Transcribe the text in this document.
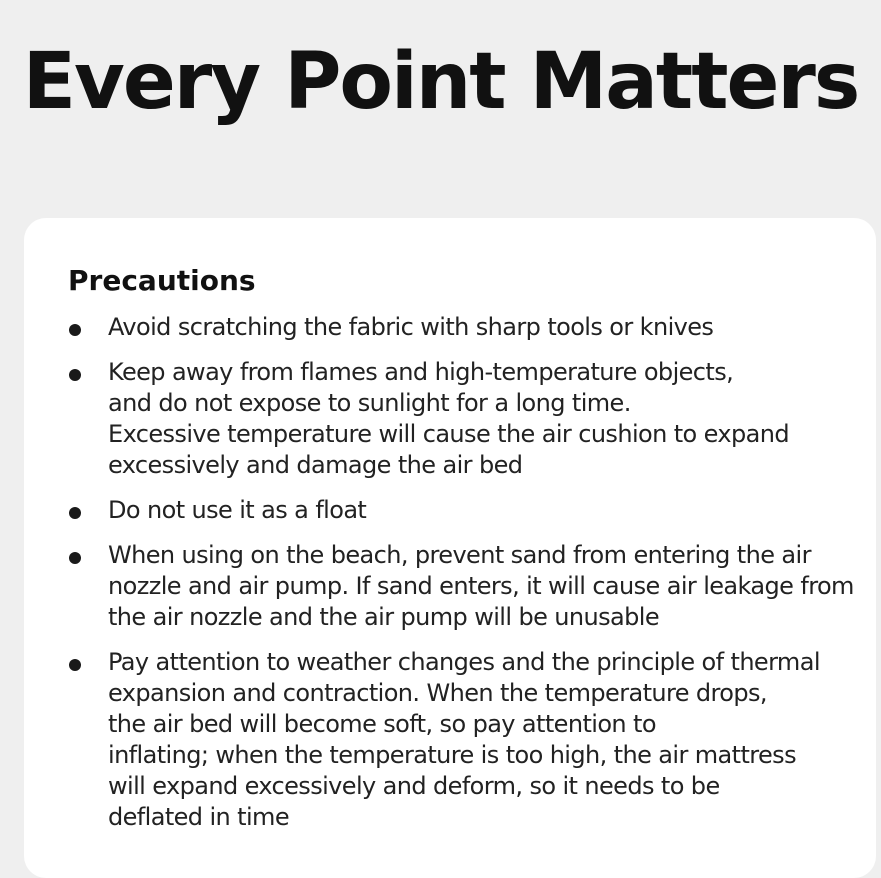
Every Point Matters
Precautions
Avoid scratching the fabric with sharp tools or knives
Keep away from flames and high-temperature objects,
and do not expose to sunlight for a long time.
Excessive temperature will cause the air cushion to expand
excessively and damage the air bed
Do not use it as a float
When using on the beach, prevent sand from entering the air
nozzle and air pump. If sand enters, it will cause air leakage from
the air nozzle and the air pump will be unusable
Pay attention to weather changes and the principle of thermal
expansion and contraction. When the temperature drops,
the air bed will become soft, so pay attention to
inflating; when the temperature is too high, the air mattress
will expand excessively and deform, so it needs to be
deflated in time
